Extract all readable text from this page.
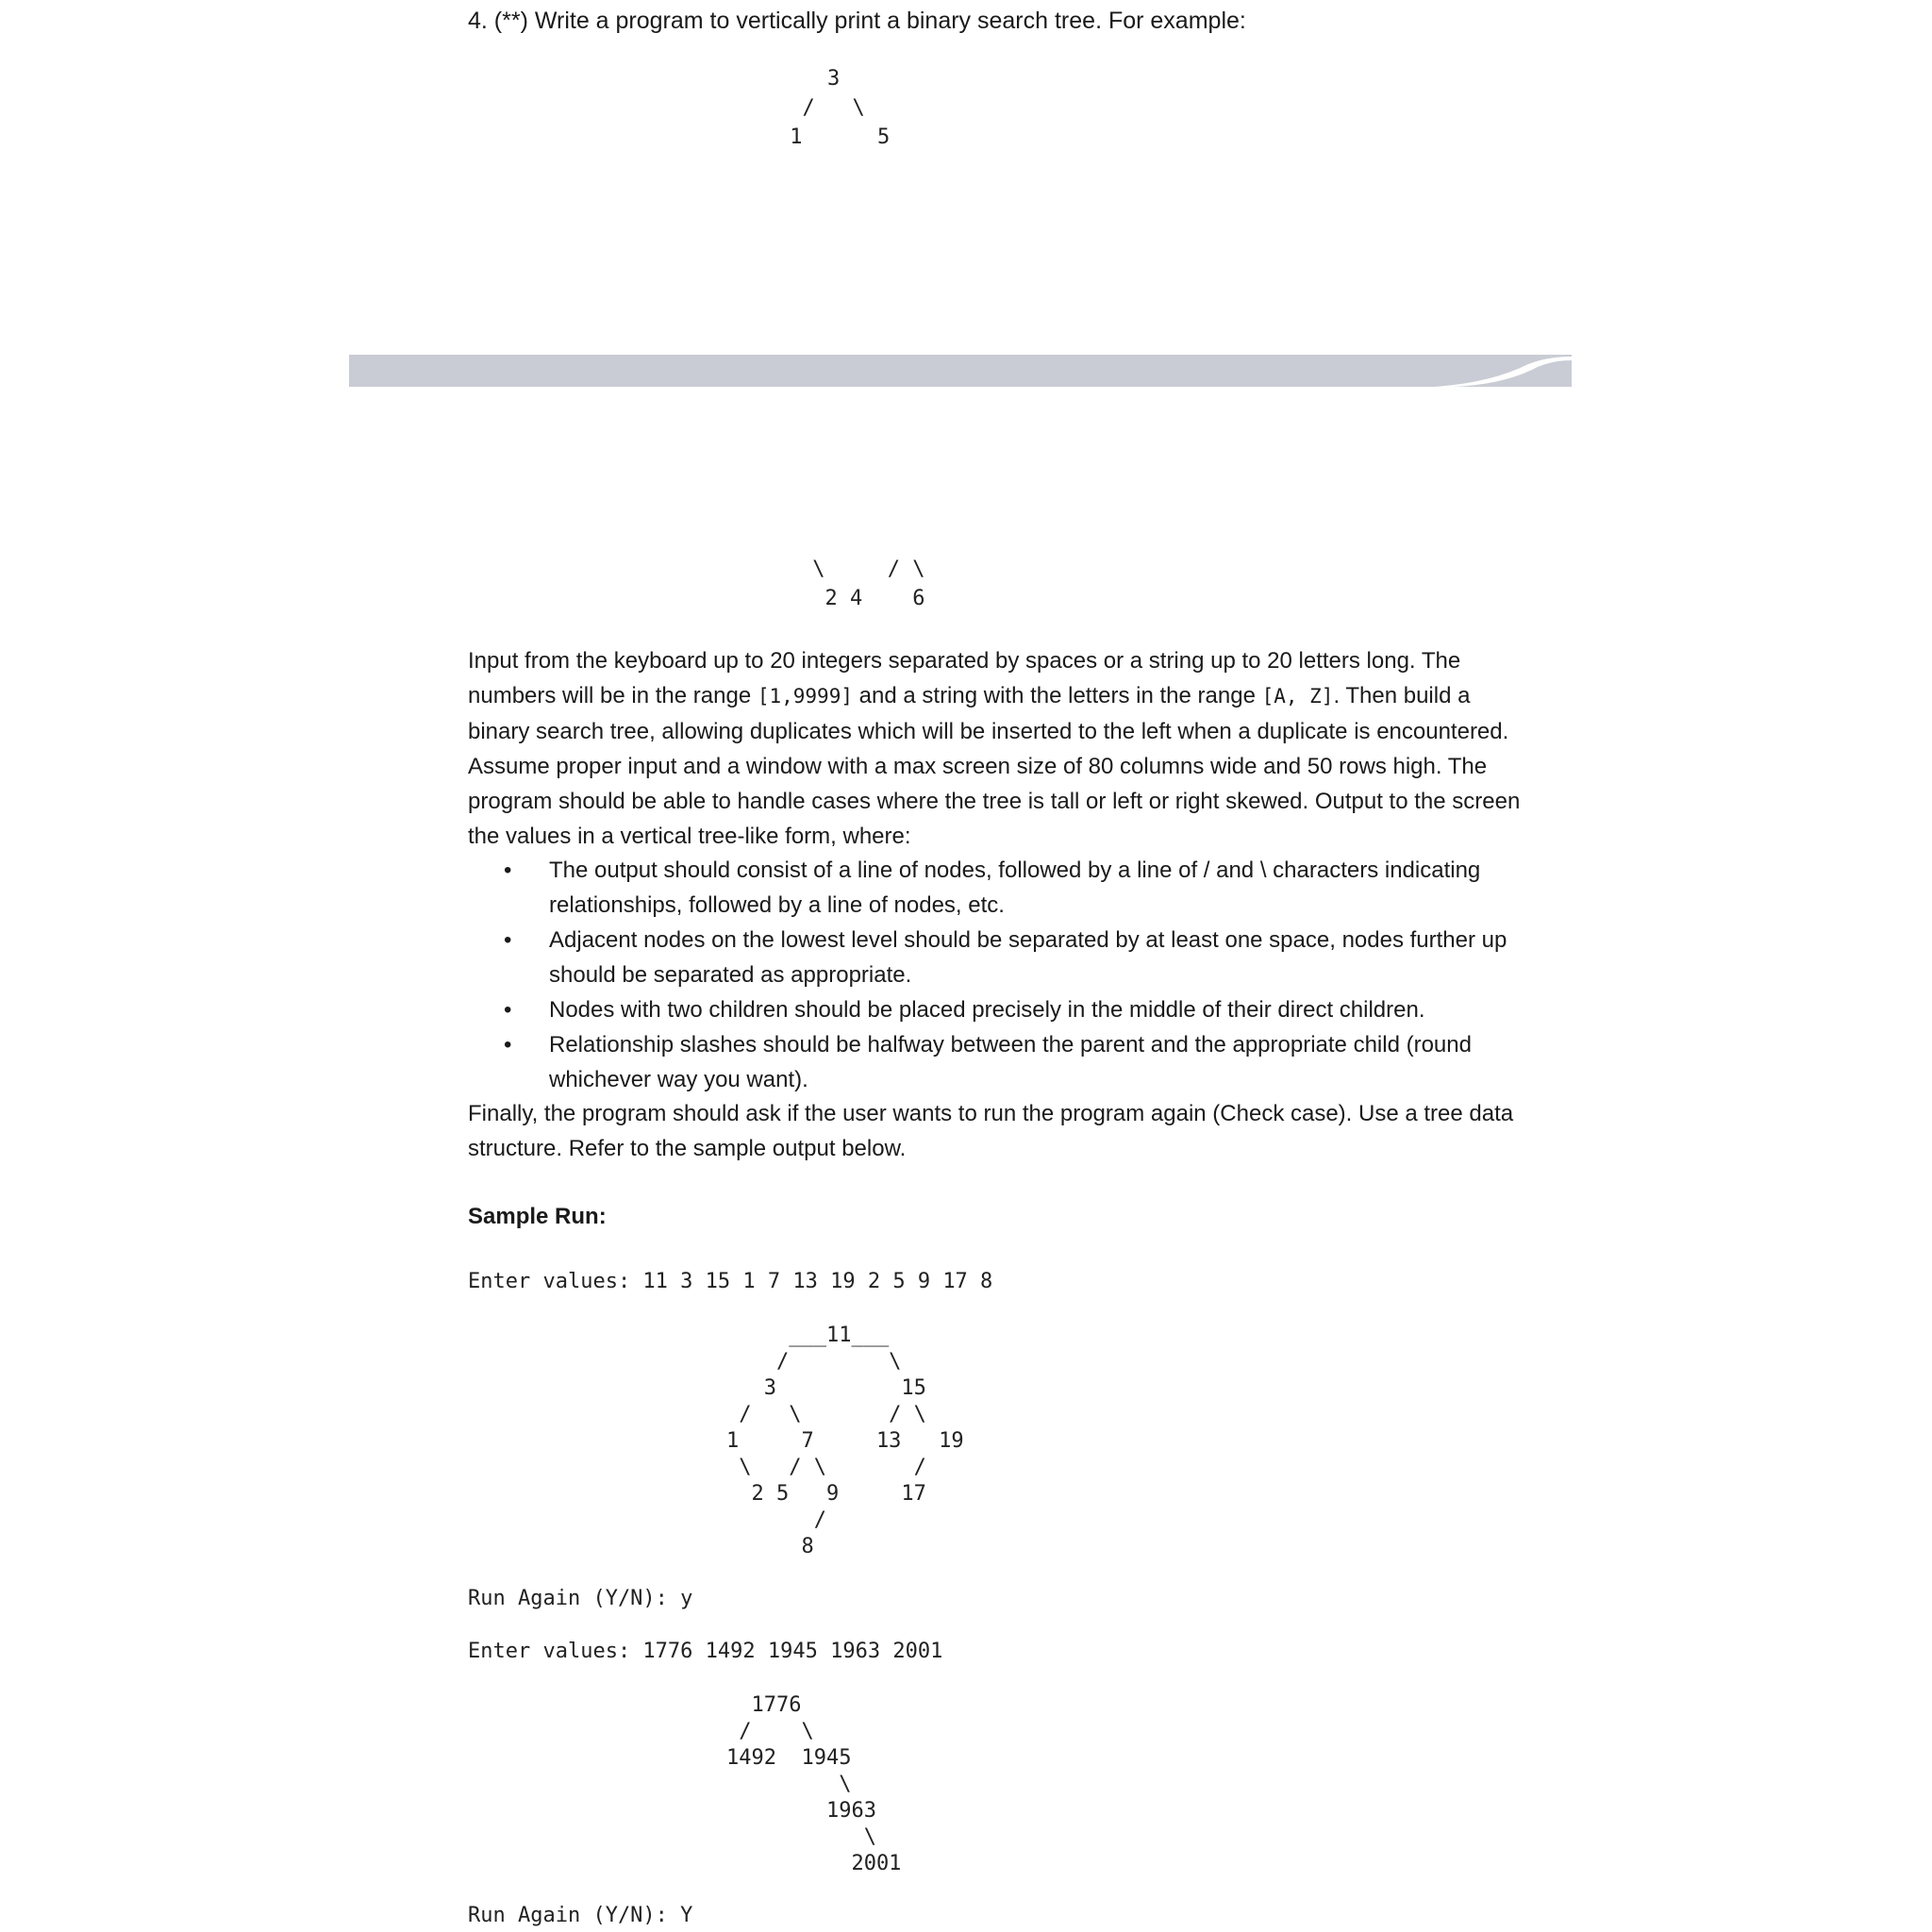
4. (**) Write a program to vertically print a binary search tree. For example:
3
/   \
1      5
\     / \
2 4    6
Input from the keyboard up to 20 integers separated by spaces or a string up to 20 letters long. The numbers will be in the range [1,9999] and a string with the letters in the range [A, Z]. Then build a binary search tree, allowing duplicates which will be inserted to the left when a duplicate is encountered. Assume proper input and a window with a max screen size of 80 columns wide and 50 rows high. The program should be able to handle cases where the tree is tall or left or right skewed. Output to the screen the values in a vertical tree-like form, where:
• The output should consist of a line of nodes, followed by a line of / and \ characters indicating relationships, followed by a line of nodes, etc.
• Adjacent nodes on the lowest level should be separated by at least one space, nodes further up should be separated as appropriate.
• Nodes with two children should be placed precisely in the middle of their direct children.
• Relationship slashes should be halfway between the parent and the appropriate child (round whichever way you want).
Finally, the program should ask if the user wants to run the program again (Check case). Use a tree data structure. Refer to the sample output below.
Sample Run:
Enter values: 11 3 15 1 7 13 19 2 5 9 17 8
___11___
/        \
3          15
/   \       / \
1     7     13   19
\   / \       /
2 5   9     17
/
8
Run Again (Y/N): y
Enter values: 1776 1492 1945 1963 2001
1776
/    \
1492  1945
\
1963
\
2001
Run Again (Y/N): Y
